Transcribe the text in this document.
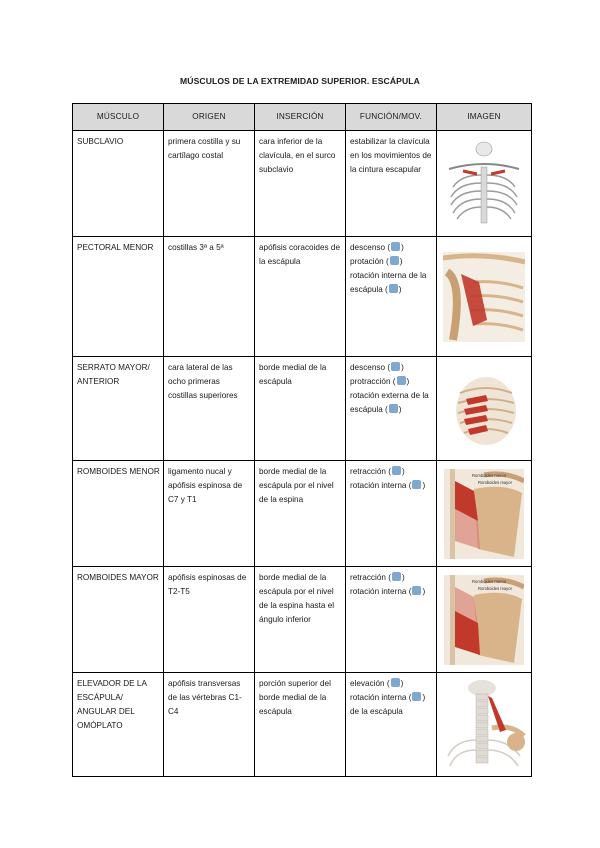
MÚSCULOS DE LA EXTREMIDAD SUPERIOR. ESCÁPULA
MÚSCULO	ORIGEN	INSERCIÓN	FUNCIÓN/MOV.	IMAGEN
SUBCLAVIO	primera costilla y su cartílago costal	cara inferior de la clavícula, en el surco subclavio	estabilizar la clavícula en los movimientos de la cintura escapular	

PECTORAL MENOR	costillas 3ª a 5ª	apófisis coracoides de la escápula	descenso ( )
protación ( )
rotación interna de la escápula ( )	

SERRATO MAYOR/ ANTERIOR	cara lateral de las ocho primeras costillas superiores	borde medial de la escápula	descenso ( )
protracción ( )
rotación externa de la escápula ( )	

ROMBOIDES MENOR	ligamento nucal y apófisis espinosa de C7 y T1	borde medial de la escápula por el nivel de la espina	retracción ( )
rotación interna ( )	Romboides menor
Romboides mayor

ROMBOIDES MAYOR	apófisis espinosas de T2-T5	borde medial de la escápula por el nivel de la espina hasta el ángulo inferior	retracción ( )
rotación interna ( )	Romboides menor
Romboides mayor

ELEVADOR DE LA ESCÁPULA/ ANGULAR DEL OMÓPLATO	apófisis transversas de las vértebras C1-C4	porción superior del borde medial de la escápula	elevación ( )
rotación interna ( ) de la escápula	
